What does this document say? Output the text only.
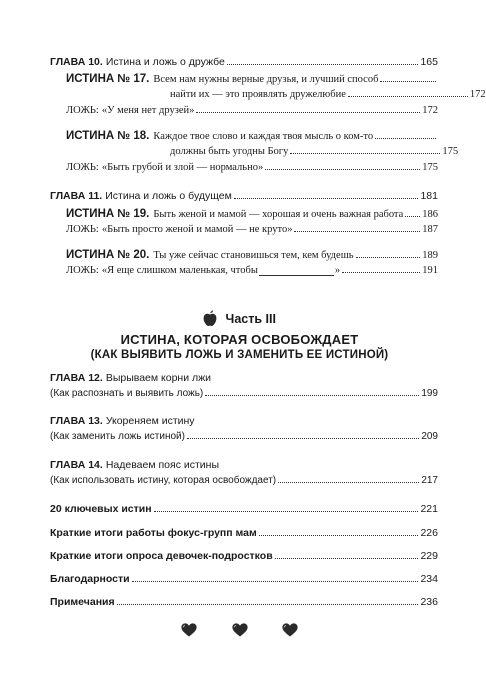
ГЛАВА 10. Истина и ложь о дружбе	165
ИСТИНА № 17. Всем нам нужны верные друзья, и лучший способ
найти их — это проявлять дружелюбие	172
ЛОЖЬ: «У меня нет друзей»	172
ИСТИНА № 18. Каждое твое слово и каждая твоя мысль о ком-то
должны быть угодны Богу	175
ЛОЖЬ: «Быть грубой и злой — нормально»	175
ГЛАВА 11. Истина и ложь о будущем	181
ИСТИНА № 19. Быть женой и мамой — хорошая и очень важная работа 186
ЛОЖЬ: «Быть просто женой и мамой — не круто»	187
ИСТИНА № 20. Ты уже сейчас становишься тем, кем будешь	189
ЛОЖЬ: «Я еще слишком маленькая, чтобы	»	191
Часть III
ИСТИНА, КОТОРАЯ ОСВОБОЖДАЕТ
(КАК ВЫЯВИТЬ ЛОЖЬ И ЗАМЕНИТЬ ЕЕ ИСТИНОЙ)
ГЛАВА 12. Вырываем корни лжи
(Как распознать и выявить ложь)	199
ГЛАВА 13. Укореняем истину
(Как заменить ложь истиной)	209
ГЛАВА 14. Надеваем пояс истины
(Как использовать истину, которая освобождает)	217
20 ключевых истин	221
Краткие итоги работы фокус-групп мам	226
Краткие итоги опроса девочек-подростков	229
Благодарности	234
Примечания	236
